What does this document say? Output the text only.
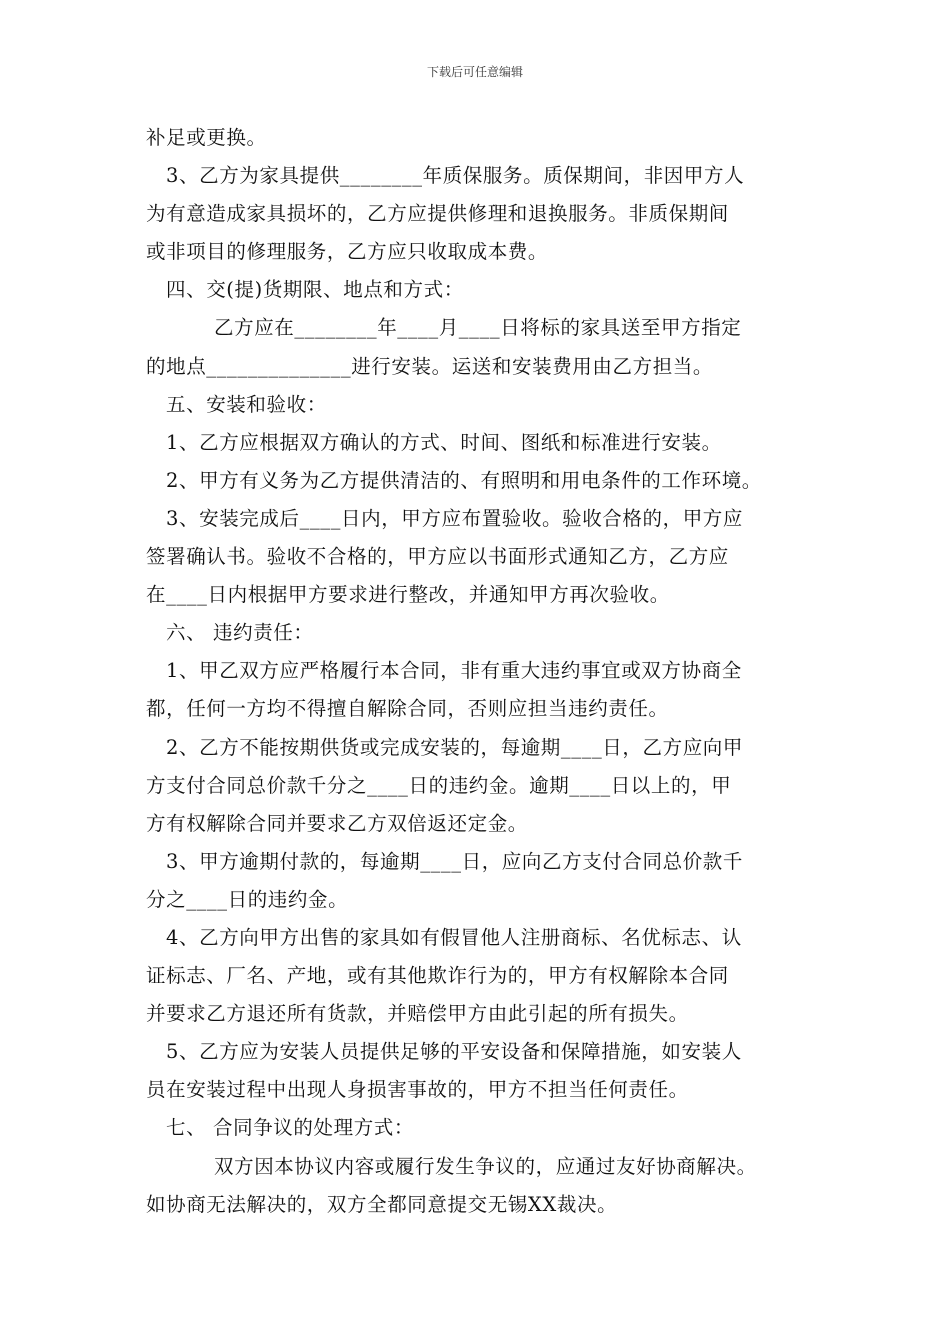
下载后可任意编辑
补足或更换。
3、乙方为家具提供________年质保服务。质保期间，非因甲方人
为有意造成家具损坏的，乙方应提供修理和退换服务。非质保期间
或非项目的修理服务，乙方应只收取成本费。
四、交(提)货期限、地点和方式：
乙方应在________年____月____日将标的家具送至甲方指定
的地点______________进行安装。运送和安装费用由乙方担当。
五、安装和验收：
1、乙方应根据双方确认的方式、时间、图纸和标准进行安装。
2、甲方有义务为乙方提供清洁的、有照明和用电条件的工作环境。
3、安装完成后____日内，甲方应布置验收。验收合格的，甲方应
签署确认书。验收不合格的，甲方应以书面形式通知乙方，乙方应
在____日内根据甲方要求进行整改，并通知甲方再次验收。
六、 违约责任：
1、甲乙双方应严格履行本合同，非有重大违约事宜或双方协商全
都，任何一方均不得擅自解除合同，否则应担当违约责任。
2、乙方不能按期供货或完成安装的，每逾期____日，乙方应向甲
方支付合同总价款千分之____日的违约金。逾期____日以上的，甲
方有权解除合同并要求乙方双倍返还定金。
3、甲方逾期付款的，每逾期____日，应向乙方支付合同总价款千
分之____日的违约金。
4、乙方向甲方出售的家具如有假冒他人注册商标、名优标志、认
证标志、厂名、产地，或有其他欺诈行为的，甲方有权解除本合同
并要求乙方退还所有货款，并赔偿甲方由此引起的所有损失。
5、乙方应为安装人员提供足够的平安设备和保障措施，如安装人
员在安装过程中出现人身损害事故的，甲方不担当任何责任。
七、 合同争议的处理方式：
双方因本协议内容或履行发生争议的，应通过友好协商解决。
如协商无法解决的，双方全都同意提交无锡XX裁决。
